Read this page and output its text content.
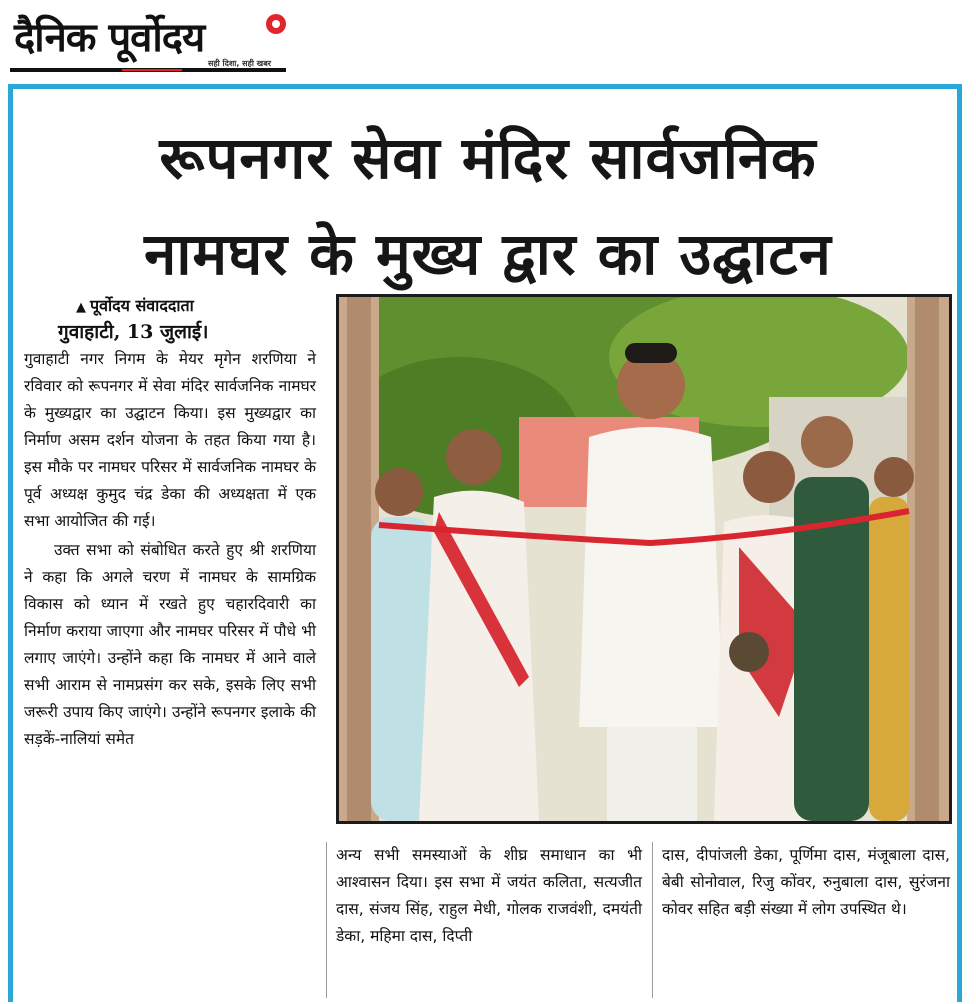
दैनिक पूर्वोदय
सही दिशा, सही खबर
रूपनगर सेवा मंदिर सार्वजनिक
नामघर के मुख्य द्वार का उद्घाटन
▲ पूर्वोदय संवाददाता
गुवाहाटी, 13 जुलाई।

गुवाहाटी नगर निगम के मेयर मृगेन शरणिया ने रविवार को रूपनगर में सेवा मंदिर सार्वजनिक नामघर के मुख्यद्वार का उद्घाटन किया। इस मुख्यद्वार का निर्माण असम दर्शन योजना के तहत किया गया है। इस मौके पर नामघर परिसर में सार्वजनिक नामघर के पूर्व अध्यक्ष कुमुद चंद्र डेका की अध्यक्षता में एक सभा आयोजित की गई।

उक्त सभा को संबोधित करते हुए श्री शरणिया ने कहा कि अगले चरण में नामघर के सामग्रिक विकास को ध्यान में रखते हुए चहारदिवारी का निर्माण कराया जाएगा और नामघर परिसर में पौधे भी लगाए जाएंगे। उन्होंने कहा कि नामघर में आने वाले सभी आराम से नामप्रसंग कर सके, इसके लिए सभी जरूरी उपाय किए जाएंगे। उन्होंने रूपनगर इलाके की सड़कें-नालियां समेत

अन्य सभी समस्याओं के शीघ्र समाधान का भी आश्वासन दिया। इस सभा में जयंत कलिता, सत्यजीत दास, संजय सिंह, राहुल मेधी, गोलक राजवंशी, दमयंती डेका, महिमा दास, दिप्ती

दास, दीपांजली डेका, पूर्णिमा दास, मंजूबाला दास, बेबी सोनोवाल, रिजु कोंवर, रुनुबाला दास, सुरंजना कोवर सहित बड़ी संख्या में लोग उपस्थित थे।
